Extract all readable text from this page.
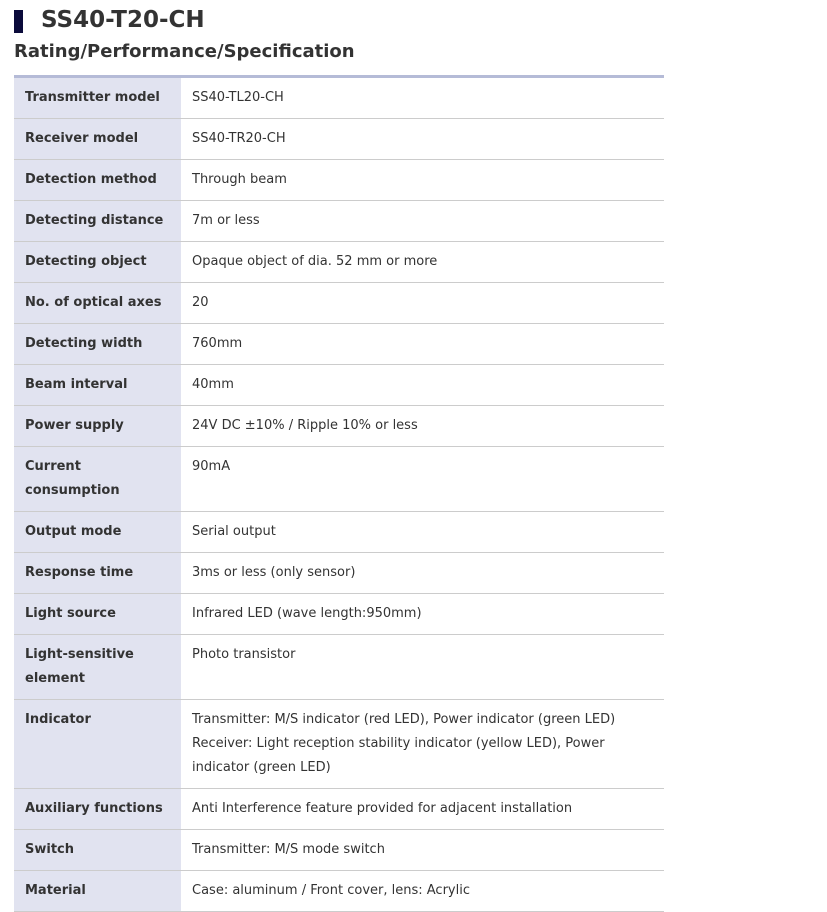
SS40-T20-CH
Rating/Performance/Specification
Transmitter model	SS40-TL20-CH

Receiver model	SS40-TR20-CH

Detection method	Through beam

Detecting distance	7m or less

Detecting object	Opaque object of dia. 52 mm or more

No. of optical axes	20

Detecting width	760mm

Beam interval	40mm

Power supply	24V DC ±10% / Ripple 10% or less

Current consumption	90mA

Output mode	Serial output

Response time	3ms or less (only sensor)

Light source	Infrared LED (wave length:950mm)

Light-sensitive element	Photo transistor

Indicator	Transmitter: M/S indicator (red LED), Power indicator (green LED)
Receiver: Light reception stability indicator (yellow LED), Power indicator (green LED)

Auxiliary functions	Anti Interference feature provided for adjacent installation

Switch	Transmitter: M/S mode switch

Material	Case: aluminum / Front cover, lens: Acrylic
